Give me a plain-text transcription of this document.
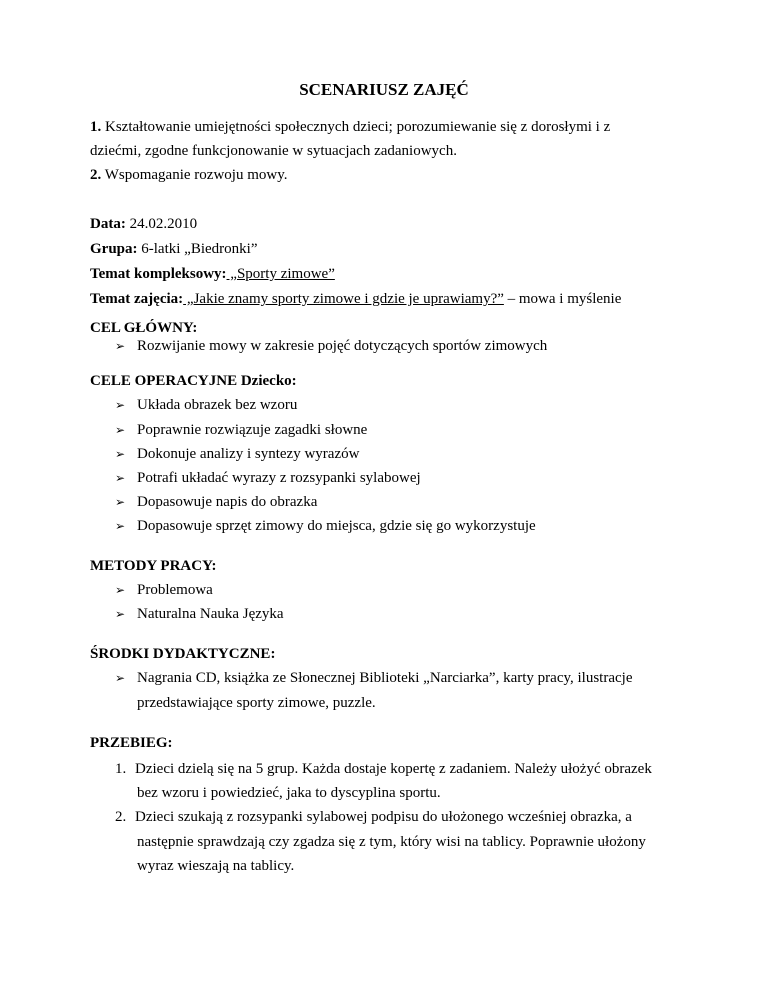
SCENARIUSZ ZAJĘĆ
1. Kształtowanie umiejętności społecznych dzieci; porozumiewanie się z dorosłymi i z
dziećmi, zgodne funkcjonowanie w sytuacjach zadaniowych.
2. Wspomaganie rozwoju mowy.
Data: 24.02.2010
Grupa: 6-latki „Biedronki”
Temat kompleksowy: „Sporty zimowe”
Temat zajęcia: „Jakie znamy sporty zimowe i gdzie je uprawiamy?” – mowa i myślenie
CEL GŁÓWNY:
➢ Rozwijanie mowy w zakresie pojęć dotyczących sportów zimowych
CELE OPERACYJNE Dziecko:
➢ Układa obrazek bez wzoru
➢ Poprawnie rozwiązuje zagadki słowne
➢ Dokonuje analizy i syntezy wyrazów
➢ Potrafi układać wyrazy z rozsypanki sylabowej
➢ Dopasowuje napis do obrazka
➢ Dopasowuje sprzęt zimowy do miejsca, gdzie się go wykorzystuje
METODY PRACY:
➢ Problemowa
➢ Naturalna Nauka Języka
ŚRODKI DYDAKTYCZNE:
➢ Nagrania CD, książka ze Słonecznej Biblioteki „Narciarka”, karty pracy, ilustracje
przedstawiające sporty zimowe, puzzle.
PRZEBIEG:
1. Dzieci dzielą się na 5 grup. Każda dostaje kopertę z zadaniem. Należy ułożyć obrazek
bez wzoru i powiedzieć, jaka to dyscyplina sportu.
2. Dzieci szukają z rozsypanki sylabowej podpisu do ułożonego wcześniej obrazka, a
następnie sprawdzają czy zgadza się z tym, który wisi na tablicy. Poprawnie ułożony
wyraz wieszają na tablicy.
